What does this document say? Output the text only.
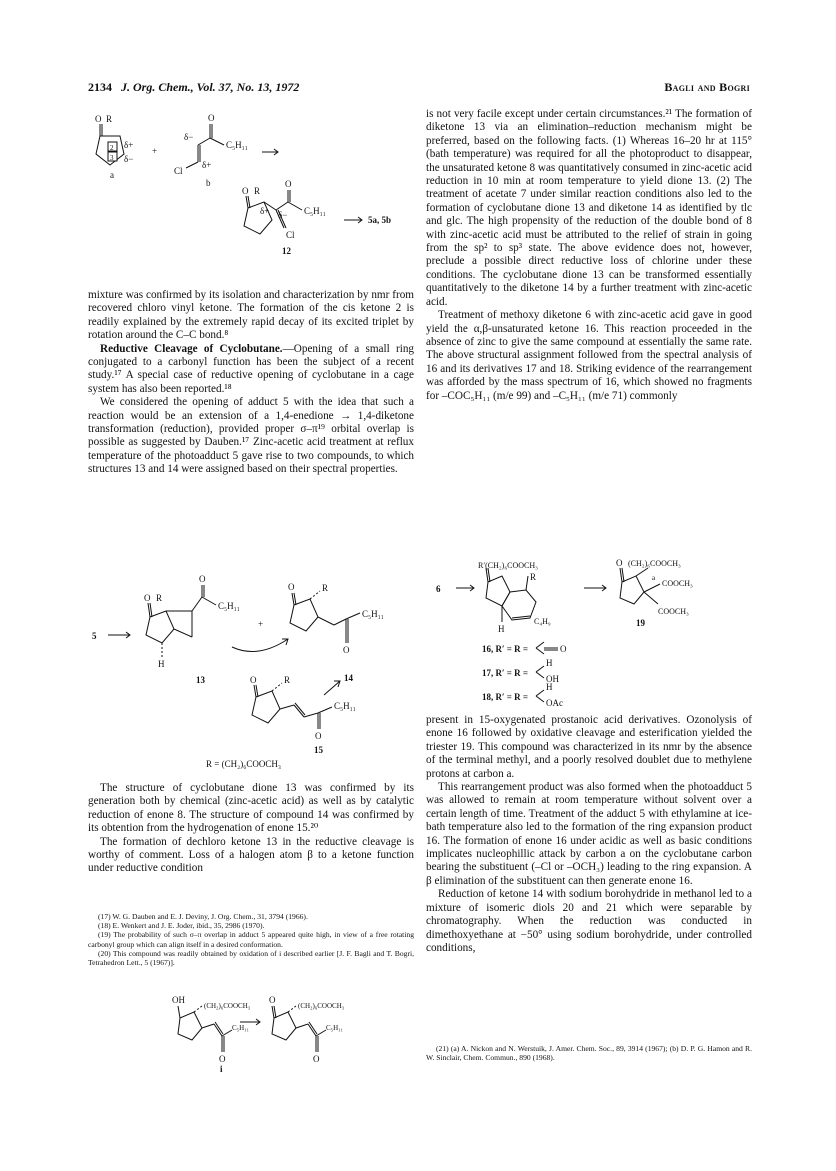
2134 J. Org. Chem., Vol. 37, No. 13, 1972	Bagli and Bogri
O R
2
3
δ+
δ−
a
+
O
δ−
C₅H₁₁
δ+
Cl
b
O R
O
δ+ δ− C₅H₁₁
Cl
12
5a, 5b

mixture was confirmed by its isolation and characterization by nmr from recovered chloro vinyl ketone. The formation of the cis ketone 2 is readily explained by the extremely rapid decay of its excited triplet by rotation around the C–C bond.⁸

Reductive Cleavage of Cyclobutane.—Opening of a small ring conjugated to a carbonyl function has been the subject of a recent study.¹⁷ A special case of reductive opening of cyclobutane in a cage system has also been reported.¹⁸

We considered the opening of adduct 5 with the idea that such a reaction would be an extension of a 1,4-enedione → 1,4-diketone transformation (reduction), provided proper σ–π¹⁹ orbital overlap is possible as suggested by Dauben.¹⁷ Zinc-acetic acid treatment at reflux temperature of the photoadduct 5 gave rise to two compounds, to which structures 13 and 14 were assigned based on their spectral properties.

5
O R
O
C₅H₁₁
+
H
13
O	R
C₅H₁₁
O
14
O	R
C₅H₁₁
O
15
R = (CH₂)₆COOCH₃

The structure of cyclobutane dione 13 was confirmed by its generation both by chemical (zinc-acetic acid) as well as by catalytic reduction of enone 8. The structure of compound 14 was confirmed by its obtention from the hydrogenation of enone 15.²⁰

The formation of dechloro ketone 13 in the reductive cleavage is worthy of comment. Loss of a halogen atom β to a ketone function under reductive condition

(17) W. G. Dauben and E. J. Deviny, J. Org. Chem., 31, 3794 (1966).

(18) E. Wenkert and J. E. Joder, ibid., 35, 2986 (1970).

(19) The probability of such σ–π overlap in adduct 5 appeared quite high, in view of a free rotating carbonyl group which can align itself in a desired conformation.

(20) This compound was readily obtained by oxidation of i described earlier [J. F. Bagli and T. Bogri, Tetrahedron Lett., 5 (1967)].

OH
(CH₂)₆COOCH₃
C₅H₁₁
O
O
(CH₂)₆COOCH₃
C₅H₁₁
O
i

is not very facile except under certain circumstances.²¹ The formation of diketone 13 via an elimination–reduction mechanism might be preferred, based on the following facts. (1) Whereas 16–20 hr at 115° (bath temperature) was required for all the photoproduct to disappear, the unsaturated ketone 8 was quantitatively consumed in zinc-acetic acid reduction in 10 min at room temperature to yield dione 13. (2) The treatment of acetate 7 under similar reaction conditions also led to the formation of cyclobutane dione 13 and diketone 14 as identified by tlc and glc. The high propensity of the reduction of the double bond of 8 with zinc-acetic acid must be attributed to the relief of strain in going from the sp² to sp³ state. The above evidence does not, however, preclude a possible direct reductive loss of chlorine under these conditions. The cyclobutane dione 13 can be transformed essentially quantitatively to the diketone 14 by a further treatment with zinc-acetic acid.

Treatment of methoxy diketone 6 with zinc-acetic acid gave in good yield the α,β-unsaturated ketone 16. This reaction proceeded in the absence of zinc to give the same compound at essentially the same rate. The above structural assignment followed from the spectral analysis of 16 and its derivatives 17 and 18. Striking evidence of the rearrangement was afforded by the mass spectrum of 16, which showed no fragments for –COC₅H₁₁ (m/e 99) and –C₅H₁₁ (m/e 71) commonly

6
R′(CH₂)₆COOCH₃
R
C₄H₉
H
O (CH₂)₆COOCH₃
COOCH₃
a
COOCH₃
19
16, R′ = R =	O
17, R′ = R =
H
OH
18, R′ = R =
H
OAc

present in 15-oxygenated prostanoic acid derivatives. Ozonolysis of enone 16 followed by oxidative cleavage and esterification yielded the triester 19. This compound was characterized in its nmr by the absence of the terminal methyl, and a poorly resolved doublet due to methylene protons at carbon a.

This rearrangement product was also formed when the photoadduct 5 was allowed to remain at room temperature without solvent over a certain length of time. Treatment of the adduct 5 with ethylamine at ice-bath temperature also led to the formation of the ring expansion product 16. The formation of enone 16 under acidic as well as basic conditions implicates nucleophillic attack by carbon a on the cyclobutane carbon bearing the substituent (–Cl or –OCH₃) leading to the ring expansion. A β elimination of the substituent can then generate enone 16.

Reduction of ketone 14 with sodium borohydride in methanol led to a mixture of isomeric diols 20 and 21 which were separable by chromatography. When the reduction was conducted in dimethoxyethane at −50° using sodium borohydride, under controlled conditions,

(21) (a) A. Nickon and N. Werstuik, J. Amer. Chem. Soc., 89, 3914 (1967); (b) D. P. G. Hamon and R. W. Sinclair, Chem. Commun., 890 (1968).
